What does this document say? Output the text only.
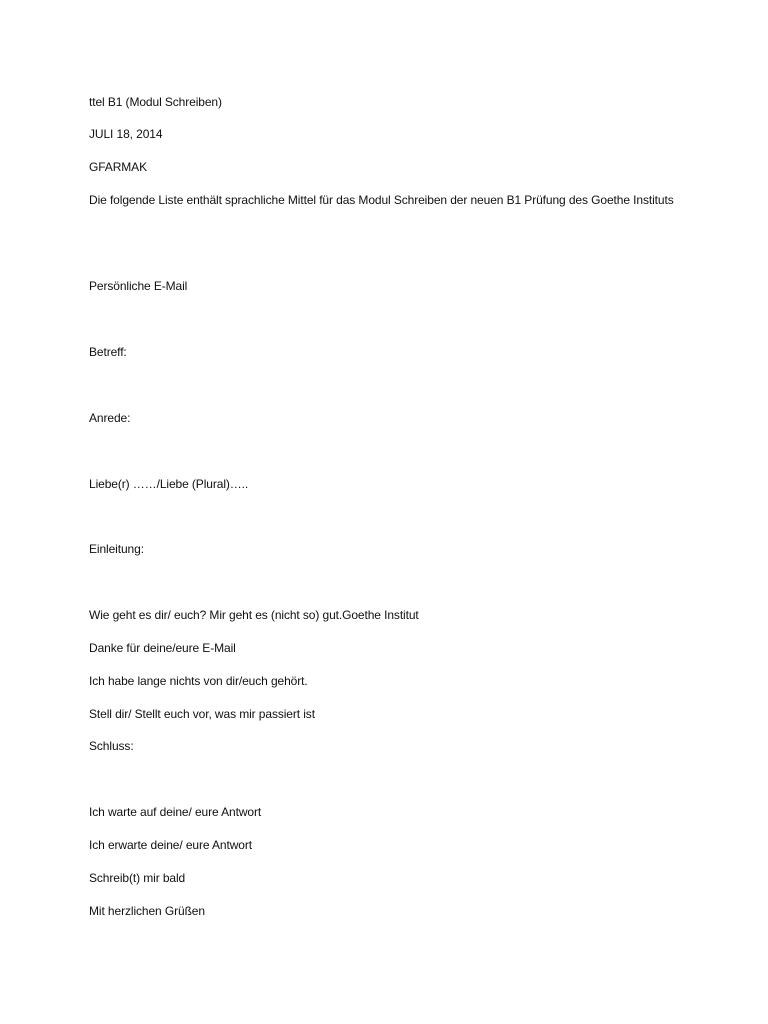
ttel B1 (Modul Schreiben)
JULI 18, 2014
GFARMAK
Die folgende Liste enthält sprachliche Mittel für das Modul Schreiben der neuen B1 Prüfung des Goethe Instituts
Persönliche E-Mail
Betreff:
Anrede:
Liebe(r) ……/Liebe (Plural)…..
Einleitung:
Wie geht es dir/ euch? Mir geht es (nicht so) gut.Goethe Institut
Danke für deine/eure E-Mail
Ich habe lange nichts von dir/euch gehört.
Stell dir/ Stellt euch vor, was mir passiert ist
Schluss:
Ich warte auf deine/ eure Antwort
Ich erwarte deine/ eure Antwort
Schreib(t) mir bald
Mit herzlichen Grüßen
